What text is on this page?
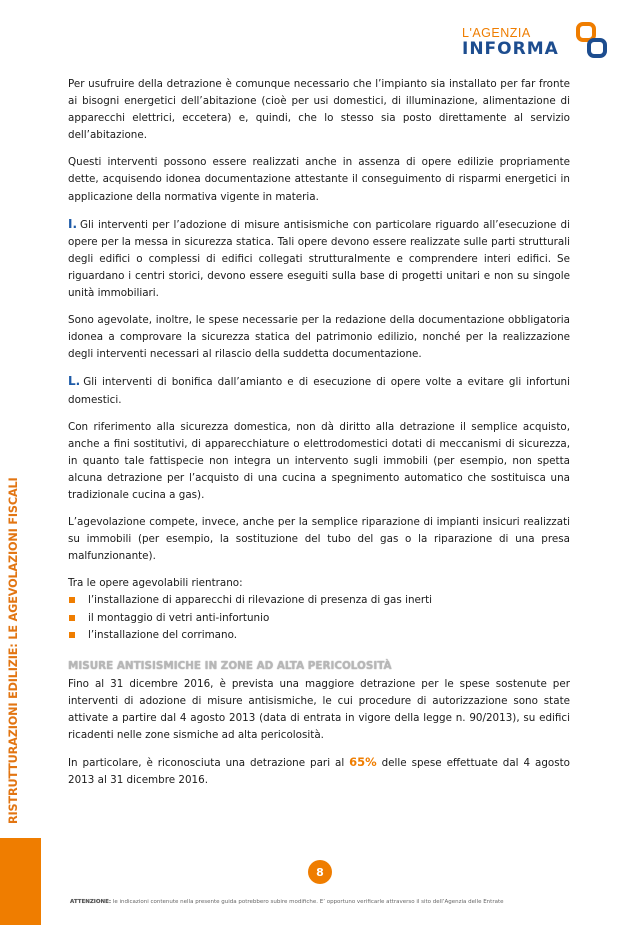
L'AGENZIA
INFORMA
RISTRUTTURAZIONI EDILIZIE: LE AGEVOLAZIONI FISCALI

Per usufruire della detrazione è comunque necessario che l’impianto sia installato per far fronte ai bisogni energetici dell’abitazione (cioè per usi domestici, di illuminazione, alimentazione di apparecchi elettrici, eccetera) e, quindi, che lo stesso sia posto direttamente al servizio dell’abitazione.

Questi interventi possono essere realizzati anche in assenza di opere edilizie propriamente dette, acquisendo idonea documentazione attestante il conseguimento di risparmi energetici in applicazione della normativa vigente in materia.

I. Gli interventi per l’adozione di misure antisismiche con particolare riguardo all’esecuzione di opere per la messa in sicurezza statica. Tali opere devono essere realizzate sulle parti strutturali degli edifici o complessi di edifici collegati strutturalmente e comprendere interi edifici. Se riguardano i centri storici, devono essere eseguiti sulla base di progetti unitari e non su singole unità immobiliari.

Sono agevolate, inoltre, le spese necessarie per la redazione della documentazione obbligatoria idonea a comprovare la sicurezza statica del patrimonio edilizio, nonché per la realizzazione degli interventi necessari al rilascio della suddetta documentazione.

L. Gli interventi di bonifica dall’amianto e di esecuzione di opere volte a evitare gli infortuni domestici.

Con riferimento alla sicurezza domestica, non dà diritto alla detrazione il semplice acquisto, anche a fini sostitutivi, di apparecchiature o elettrodomestici dotati di meccanismi di sicurezza, in quanto tale fattispecie non integra un intervento sugli immobili (per esempio, non spetta alcuna detrazione per l’acquisto di una cucina a spegnimento automatico che sostituisca una tradizionale cucina a gas).

L’agevolazione compete, invece, anche per la semplice riparazione di impianti insicuri realizzati su immobili (per esempio, la sostituzione del tubo del gas o la riparazione di una presa malfunzionante).

Tra le opere agevolabili rientrano:

l’installazione di apparecchi di rilevazione di presenza di gas inerti
il montaggio di vetri anti-infortunio
l’installazione del corrimano.
MISURE ANTISISMICHE IN ZONE AD ALTA PERICOLOSITÀ

Fino al 31 dicembre 2016, è prevista una maggiore detrazione per le spese sostenute per interventi di adozione di misure antisismiche, le cui procedure di autorizzazione sono state attivate a partire dal 4 agosto 2013 (data di entrata in vigore della legge n. 90/2013), su edifici ricadenti nelle zone sismiche ad alta pericolosità.

In particolare, è riconosciuta una detrazione pari al 65% delle spese effettuate dal 4 agosto 2013 al 31 dicembre 2016.

8
ATTENZIONE: le indicazioni contenute nella presente guida potrebbero subire modifiche. E’ opportuno verificarle attraverso il sito dell’Agenzia delle Entrate
